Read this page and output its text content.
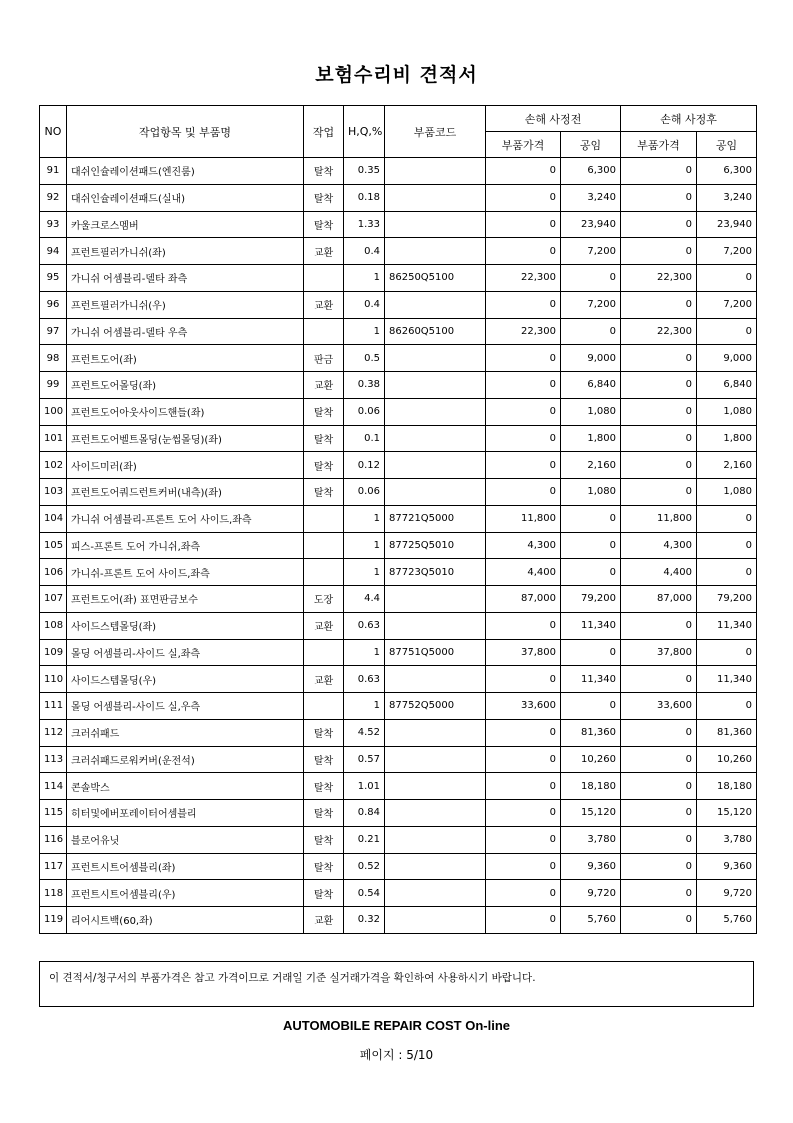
보험수리비 견적서
NO	작업항목 및 부품명	작업	H,Q,%	부품코드	손해 사정전		손해 사정후	
					부품가격	공임	부품가격	공임
91	대쉬인슐레이션패드(엔진룸)	탈착	0.35		0	6,300	0	6,300
92	대쉬인슐레이션패드(실내)	탈착	0.18		0	3,240	0	3,240
93	카울크로스멤버	탈착	1.33		0	23,940	0	23,940
94	프런트필러가니쉬(좌)	교환	0.4		0	7,200	0	7,200
95	가니쉬 어셈블리-델타 좌측		1	86250Q5100	22,300	0	22,300	0
96	프런트필러가니쉬(우)	교환	0.4		0	7,200	0	7,200
97	가니쉬 어셈블리-델타 우측		1	86260Q5100	22,300	0	22,300	0
98	프런트도어(좌)	판금	0.5		0	9,000	0	9,000
99	프런트도어몰딩(좌)	교환	0.38		0	6,840	0	6,840
100	프런트도어아웃사이드핸들(좌)	탈착	0.06		0	1,080	0	1,080
101	프런트도어벨트몰딩(눈썹몰딩)(좌)	탈착	0.1		0	1,800	0	1,800
102	사이드미러(좌)	탈착	0.12		0	2,160	0	2,160
103	프런트도어쿼드런트커버(내측)(좌)	탈착	0.06		0	1,080	0	1,080
104	가니쉬 어셈블리-프론트 도어 사이드,좌측		1	87721Q5000	11,800	0	11,800	0
105	피스-프론트 도어 가니쉬,좌측		1	87725Q5010	4,300	0	4,300	0
106	가니쉬-프론트 도어 사이드,좌측		1	87723Q5010	4,400	0	4,400	0
107	프런트도어(좌) 표면판금보수	도장	4.4		87,000	79,200	87,000	79,200
108	사이드스텝몰딩(좌)	교환	0.63		0	11,340	0	11,340
109	몰딩 어셈블리-사이드 실,좌측		1	87751Q5000	37,800	0	37,800	0
110	사이드스텝몰딩(우)	교환	0.63		0	11,340	0	11,340
111	몰딩 어셈블리-사이드 실,우측		1	87752Q5000	33,600	0	33,600	0
112	크러쉬패드	탈착	4.52		0	81,360	0	81,360
113	크러쉬패드로워커버(운전석)	탈착	0.57		0	10,260	0	10,260
114	콘솔박스	탈착	1.01		0	18,180	0	18,180
115	히터및에버포레이터어셈블리	탈착	0.84		0	15,120	0	15,120
116	블로어유닛	탈착	0.21		0	3,780	0	3,780
117	프런트시트어셈블리(좌)	탈착	0.52		0	9,360	0	9,360
118	프런트시트어셈블리(우)	탈착	0.54		0	9,720	0	9,720
119	리어시트백(60,좌)	교환	0.32		0	5,760	0	5,760
이 견적서/청구서의 부품가격은 참고 가격이므로 거래일 기준 실거래가격을 확인하여 사용하시기 바랍니다.
AUTOMOBILE REPAIR COST On-line
페이지 : 5/10
